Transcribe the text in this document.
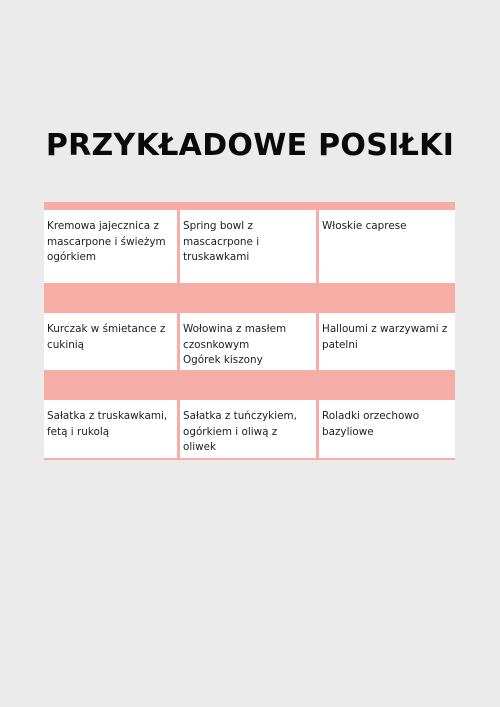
PRZYKŁADOWE POSIŁKI
Kremowa jajecznica z
mascarpone i świeżym
ogórkiem
Spring bowl z
mascacrpone i
truskawkami
Włoskie caprese
Kurczak w śmietance z
cukinią
Wołowina z masłem
czosnkowym
Ogórek kiszony
Halloumi z warzywami z
patelni
Sałatka z truskawkami,
fetą i rukolą
Sałatka z tuńczykiem,
ogórkiem i oliwą z oliwek
Roladki orzechowo
bazyliowe
